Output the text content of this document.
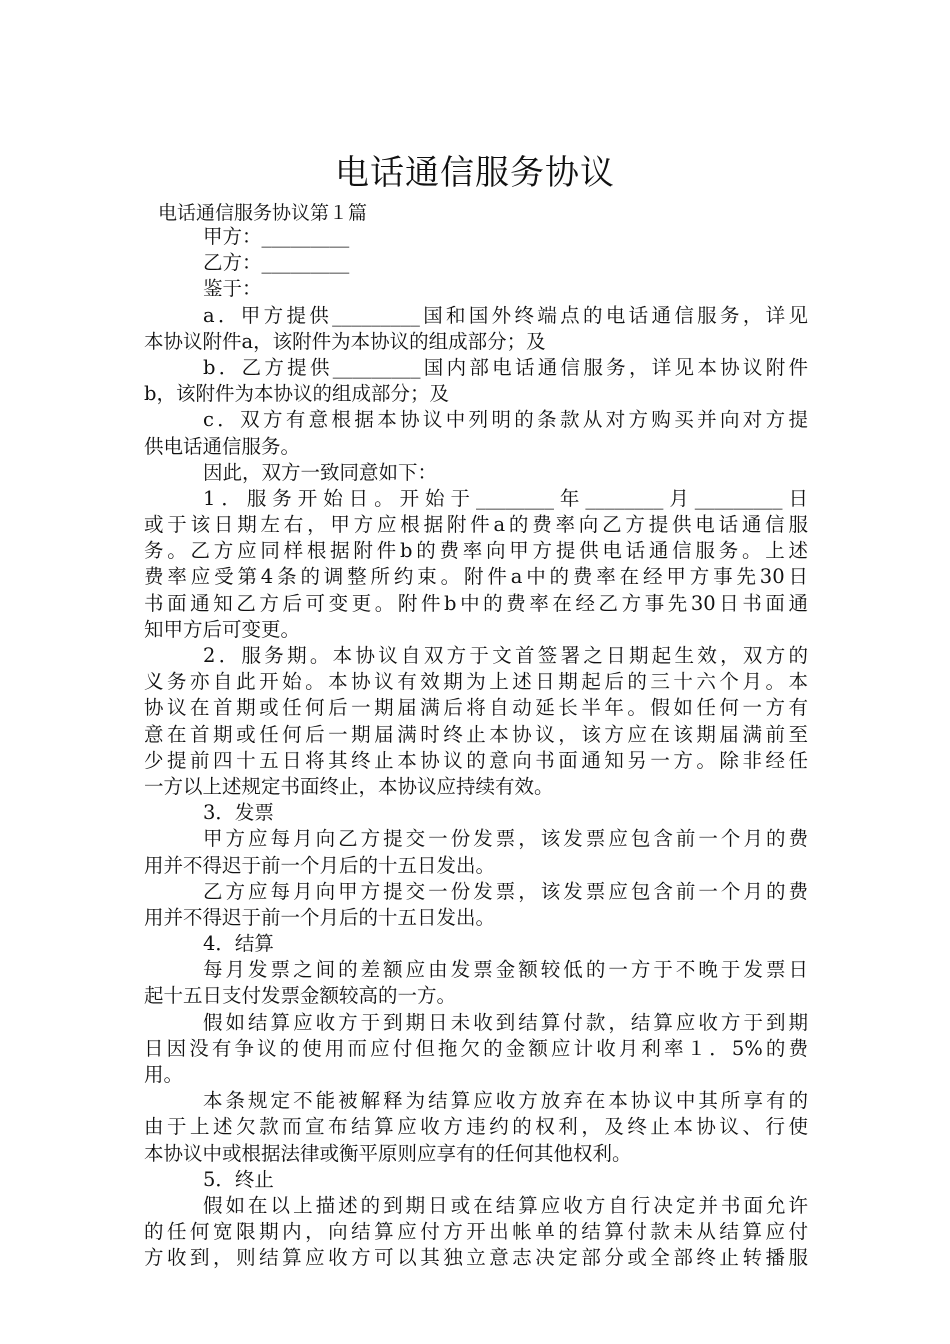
电话通信服务协议
电话通信服务协议第１篇
甲方：_________
乙方：_________
鉴于：
a．甲方提供_________国和国外终端点的电话通信服务，详见
本协议附件a，该附件为本协议的组成部分；及
b．乙方提供_________国内部电话通信服务，详见本协议附件
b，该附件为本协议的组成部分；及
c．双方有意根据本协议中列明的条款从对方购买并向对方提
供电话通信服务。
因此，双方一致同意如下：
1．服务开始日。开始于________年________月_________日
或于该日期左右，甲方应根据附件a的费率向乙方提供电话通信服
务。乙方应同样根据附件b的费率向甲方提供电话通信服务。上述
费率应受第4条的调整所约束。附件a中的费率在经甲方事先30日
书面通知乙方后可变更。附件b中的费率在经乙方事先30日书面通
知甲方后可变更。
2．服务期。本协议自双方于文首签署之日期起生效，双方的
义务亦自此开始。本协议有效期为上述日期起后的三十六个月。本
协议在首期或任何后一期届满后将自动延长半年。假如任何一方有
意在首期或任何后一期届满时终止本协议，该方应在该期届满前至
少提前四十五日将其终止本协议的意向书面通知另一方。除非经任
一方以上述规定书面终止，本协议应持续有效。
3．发票
甲方应每月向乙方提交一份发票，该发票应包含前一个月的费
用并不得迟于前一个月后的十五日发出。
乙方应每月向甲方提交一份发票，该发票应包含前一个月的费
用并不得迟于前一个月后的十五日发出。
4．结算
每月发票之间的差额应由发票金额较低的一方于不晚于发票日
起十五日支付发票金额较高的一方。
假如结算应收方于到期日未收到结算付款，结算应收方于到期
日因没有争议的使用而应付但拖欠的金额应计收月利率１．5%的费
用。
本条规定不能被解释为结算应收方放弃在本协议中其所享有的
由于上述欠款而宣布结算应收方违约的权利，及终止本协议、行使
本协议中或根据法律或衡平原则应享有的任何其他权利。
5．终止
假如在以上描述的到期日或在结算应收方自行决定并书面允许
的任何宽限期内，向结算应付方开出帐单的结算付款未从结算应付
方收到，则结算应收方可以其独立意志决定部分或全部终止转播服
